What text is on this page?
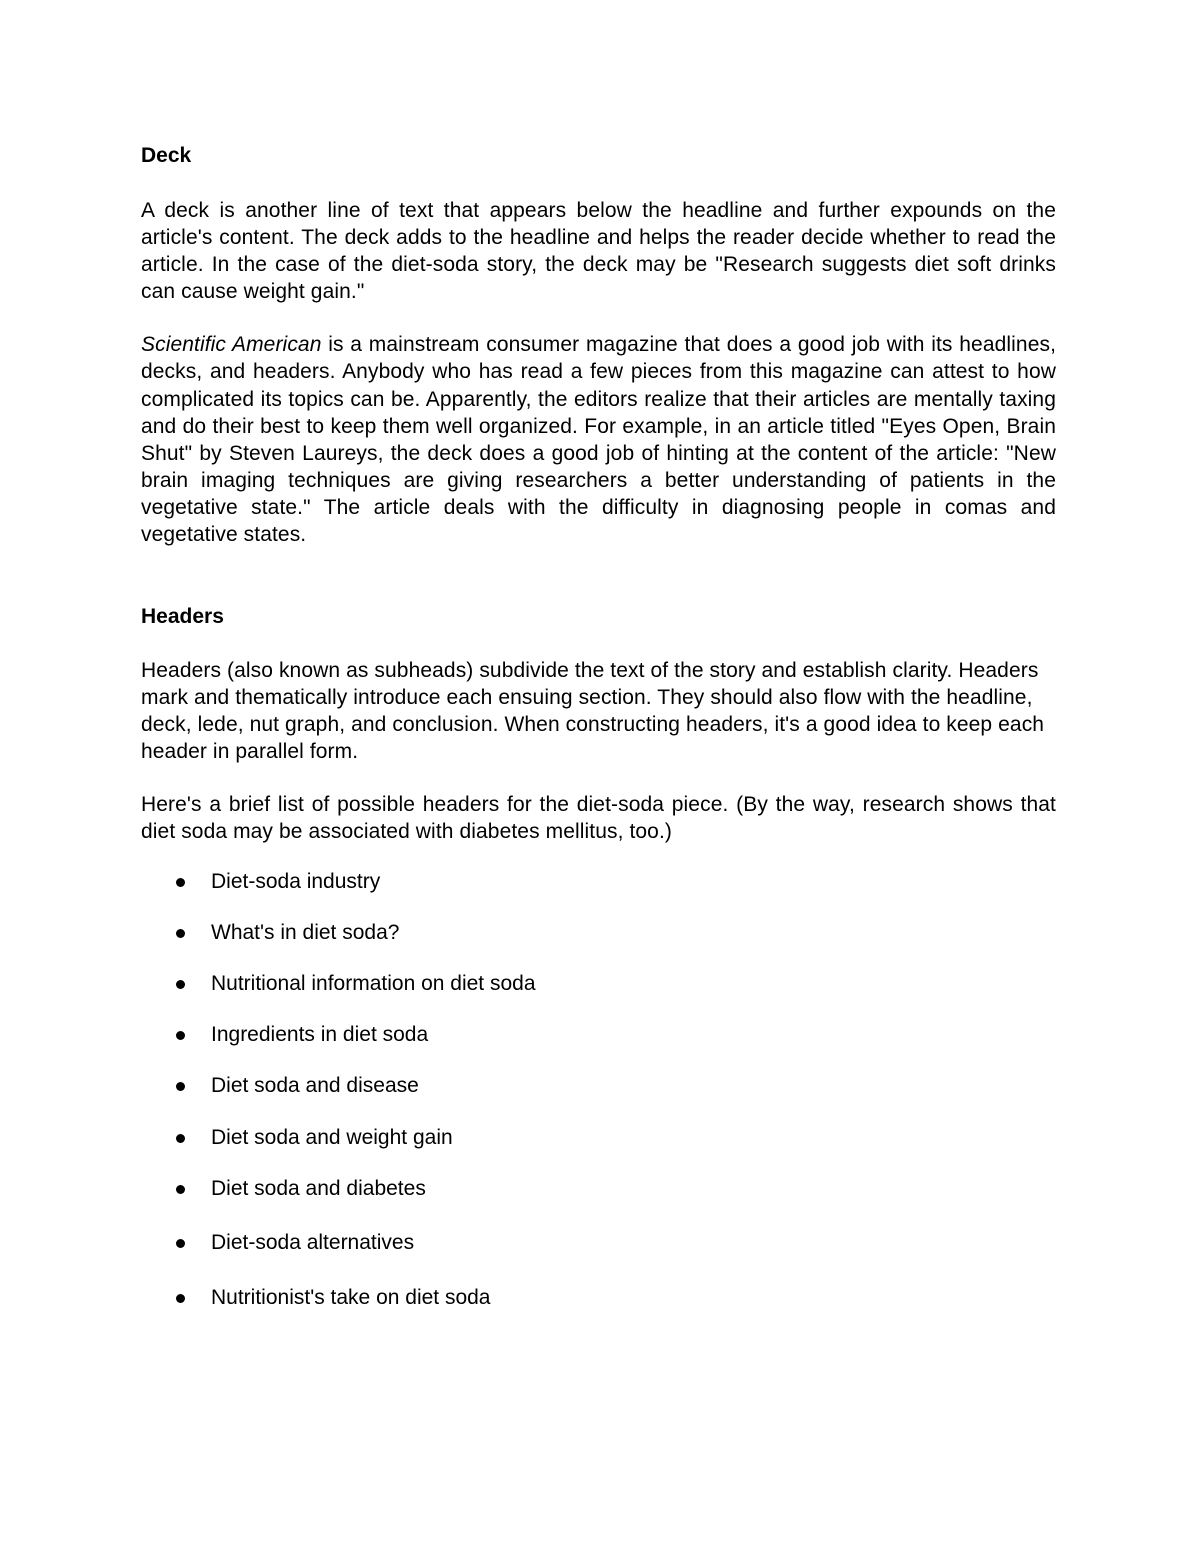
Deck

A deck is another line of text that appears below the headline and further expounds on the article's content. The deck adds to the headline and helps the reader decide whether to read the article. In the case of the diet-soda story, the deck may be "Research suggests diet soft drinks can cause weight gain."

Scientific American is a mainstream consumer magazine that does a good job with its headlines, decks, and headers. Anybody who has read a few pieces from this magazine can attest to how complicated its topics can be. Apparently, the editors realize that their articles are mentally taxing and do their best to keep them well organized. For example, in an article titled "Eyes Open, Brain Shut" by Steven Laureys, the deck does a good job of hinting at the content of the article: "New brain imaging techniques are giving researchers a better understanding of patients in the vegetative state." The article deals with the difficulty in diagnosing people in comas and vegetative states.

Headers

Headers (also known as subheads) subdivide the text of the story and establish clarity. Headers mark and thematically introduce each ensuing section. They should also flow with the headline, deck, lede, nut graph, and conclusion. When constructing headers, it's a good idea to keep each header in parallel form.

Here's a brief list of possible headers for the diet-soda piece. (By the way, research shows that diet soda may be associated with diabetes mellitus, too.)

Diet-soda industry
What's in diet soda?
Nutritional information on diet soda
Ingredients in diet soda
Diet soda and disease
Diet soda and weight gain
Diet soda and diabetes
Diet-soda alternatives
Nutritionist's take on diet soda
